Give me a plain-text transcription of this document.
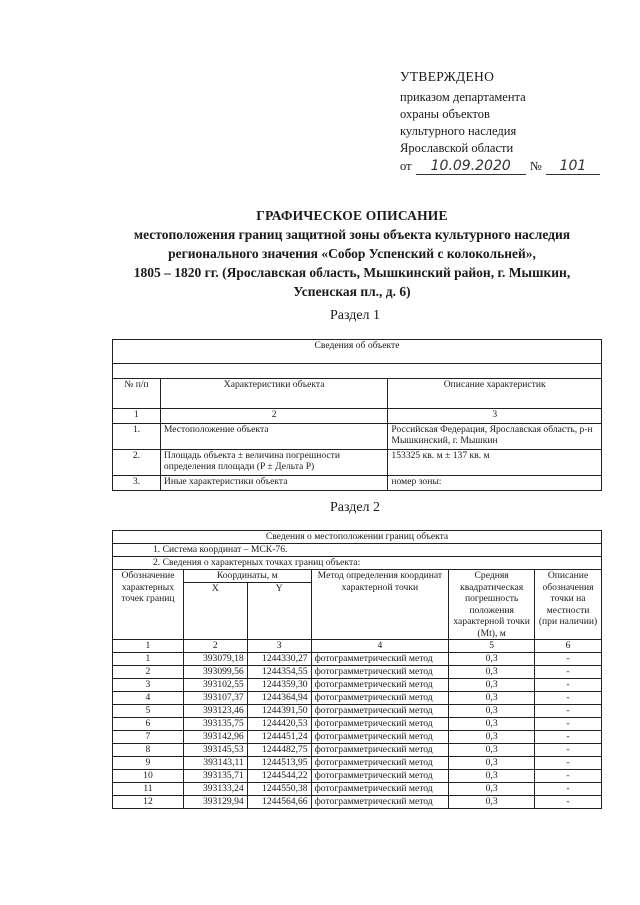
УТВЕРЖДЕНО
приказом департамента
охраны объектов
культурного наследия
Ярославской области
от	10.09.2020	№	101
ГРАФИЧЕСКОЕ ОПИСАНИЕ
местоположения границ защитной зоны объекта культурного наследия
регионального значения «Собор Успенский с колокольней»,
1805 – 1820 гг. (Ярославская область, Мышкинский район, г. Мышкин,
Успенская пл., д. 6)
Раздел 1
Сведения об объекте		

№ п/п	Характеристики объекта	Описание характеристик
1	2	3
1.	Местоположение объекта	Российская Федерация, Ярославская область, р-н Мышкинский, г. Мышкин
2.	Площадь объекта ± величина погрешности определения площади (P ± Дельта P)	153325 кв. м ± 137 кв. м
3.	Иные характеристики объекта	номер зоны:
Раздел 2
Сведения о местоположении границ объекта					
1. Система координат – МСК-76.					
2. Сведения о характерных точках границ объекта:					
Обозначение характерных точек границ	Координаты, м		Метод определения координат характерной точки	Средняя квадратическая погрешность положения характерной точки (Mt), м	Описание обозначения точки на местности (при наличии)
	X	Y			
1	2	3	4	5	6
1	393079,18	1244330,27	фотограмметрический метод	0,3	-
2	393099,56	1244354,55	фотограмметрический метод	0,3	-
3	393102,55	1244359,30	фотограмметрический метод	0,3	-
4	393107,37	1244364,94	фотограмметрический метод	0,3	-
5	393123,46	1244391,50	фотограмметрический метод	0,3	-
6	393135,75	1244420,53	фотограмметрический метод	0,3	-
7	393142,96	1244451,24	фотограмметрический метод	0,3	-
8	393145,53	1244482,75	фотограмметрический метод	0,3	-
9	393143,11	1244513,95	фотограмметрический метод	0,3	-
10	393135,71	1244544,22	фотограмметрический метод	0,3	-
11	393133,24	1244550,38	фотограмметрический метод	0,3	-
12	393129,94	1244564,66	фотограмметрический метод	0,3	-
